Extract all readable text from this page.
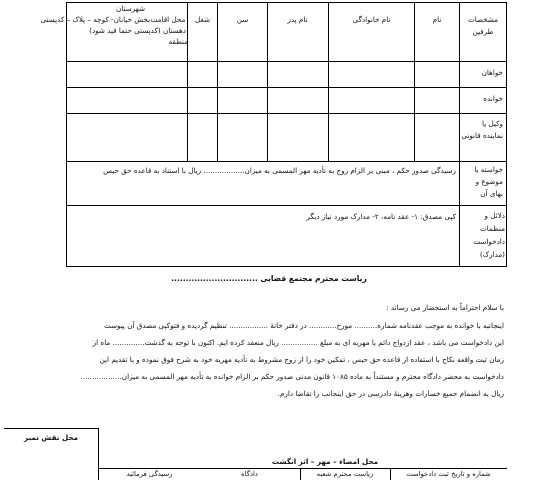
مشخصات طرفین
نام
نام خانوادگی
نام پدر
سن
شغل
محل اقامت
شهرستان
بخش خیابان- کوچه – پلاک – کدپستی
دهستان (کدپستی حتما قید شود)
منطقه
خواهان
خوانده
وکیل یا نماینده قانونی
خواسته یا موضوع و بهای آن
رسیدگی صدور حکم ، مبنی بر الزام زوج به تأدیه مهر المسمی به میزان.................. ریال با استناد به قاعده حق حبس
دلائل و منظمات دادخواست (مدارک)
کپی مصدق: ۱- عقد نامه، ۲- مدارک مورد نیاز دیگر
ریاست محترم مجتمع قضایی ..............................
با سلام احتراماً به استحضار می رساند :
اینجانبه با خوانده به موجب عقدنامه شماره.......... مورخ............ در دفتر خانهٔ ................. تنظیم گردیده و فتوکپی مصدق آن پیوست
این دادخواست می باشد ، عقد ازدواج دائم با مهریه ای به مبلغ ................ ریال منعقد کرده ایم. اکنون با توجه به گذشت.............. ماه از
زمان ثبت واقعه نکاح با استفاده از قاعده حق حبس ، تمکین خود را از زوج مشروط به تأدیه مهریه خود به شرح فوق نموده و با تقدیم این
دادخواست به محضر دادگاه محترم و مستنداً به ماده ۱۰۸۵ قانون مدنی صدور حکم بر الزام خوانده به تأدیه مهر المسمی به میزان..................
ریال به انضمام جمیع خسارات وهزینهٔ دادرسی در حق اینجانب را تقاضا دارم.
محل نقش تمبر
محل امضاء – مهر – اثر انگشت
شماره و تاریخ ثبت دادخواست
ریاست محترم شعبه
دادگاه
رسیدگی فرمائید
